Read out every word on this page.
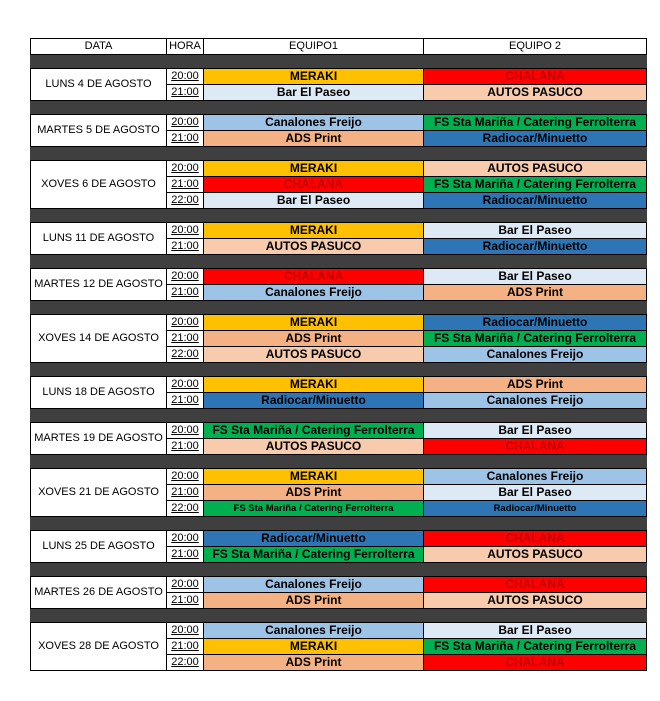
DATA	HORA	EQUIPO1	EQUIPO 2

LUNS 4 DE AGOSTO	20:00	MERAKI	CHALANA
	21:00	Bar El Paseo	AUTOS PASUCO

MARTES 5 DE AGOSTO	20:00	Canalones Freijo	FS Sta Mariña / Catering Ferrolterra
	21:00	ADS Print	Radiocar/Minuetto

XOVES 6 DE AGOSTO	20:00	MERAKI	AUTOS PASUCO
	21:00	CHALANA	FS Sta Mariña / Catering Ferrolterra
	22:00	Bar El Paseo	Radiocar/Minuetto

LUNS 11 DE AGOSTO	20:00	MERAKI	Bar El Paseo
	21:00	AUTOS PASUCO	Radiocar/Minuetto

MARTES 12 DE AGOSTO	20:00	CHALANA	Bar El Paseo
	21:00	Canalones Freijo	ADS Print

XOVES 14 DE AGOSTO	20:00	MERAKI	Radiocar/Minuetto
	21:00	ADS Print	FS Sta Mariña / Catering Ferrolterra
	22:00	AUTOS PASUCO	Canalones Freijo

LUNS 18 DE AGOSTO	20:00	MERAKI	ADS Print
	21:00	Radiocar/Minuetto	Canalones Freijo

MARTES 19 DE AGOSTO	20:00	FS Sta Mariña / Catering Ferrolterra	Bar El Paseo
	21:00	AUTOS PASUCO	CHALANA

XOVES 21 DE AGOSTO	20:00	MERAKI	Canalones Freijo
	21:00	ADS Print	Bar El Paseo
	22:00	FS Sta Mariña / Catering Ferrolterra	Radiocar/Minuetto

LUNS 25 DE AGOSTO	20:00	Radiocar/Minuetto	CHALANA
	21:00	FS Sta Mariña / Catering Ferrolterra	AUTOS PASUCO

MARTES 26 DE AGOSTO	20:00	Canalones Freijo	CHALANA
	21:00	ADS Print	AUTOS PASUCO

XOVES 28 DE AGOSTO	20:00	Canalones Freijo	Bar El Paseo
	21:00	MERAKI	FS Sta Mariña / Catering Ferrolterra
	22:00	ADS Print	CHALANA
